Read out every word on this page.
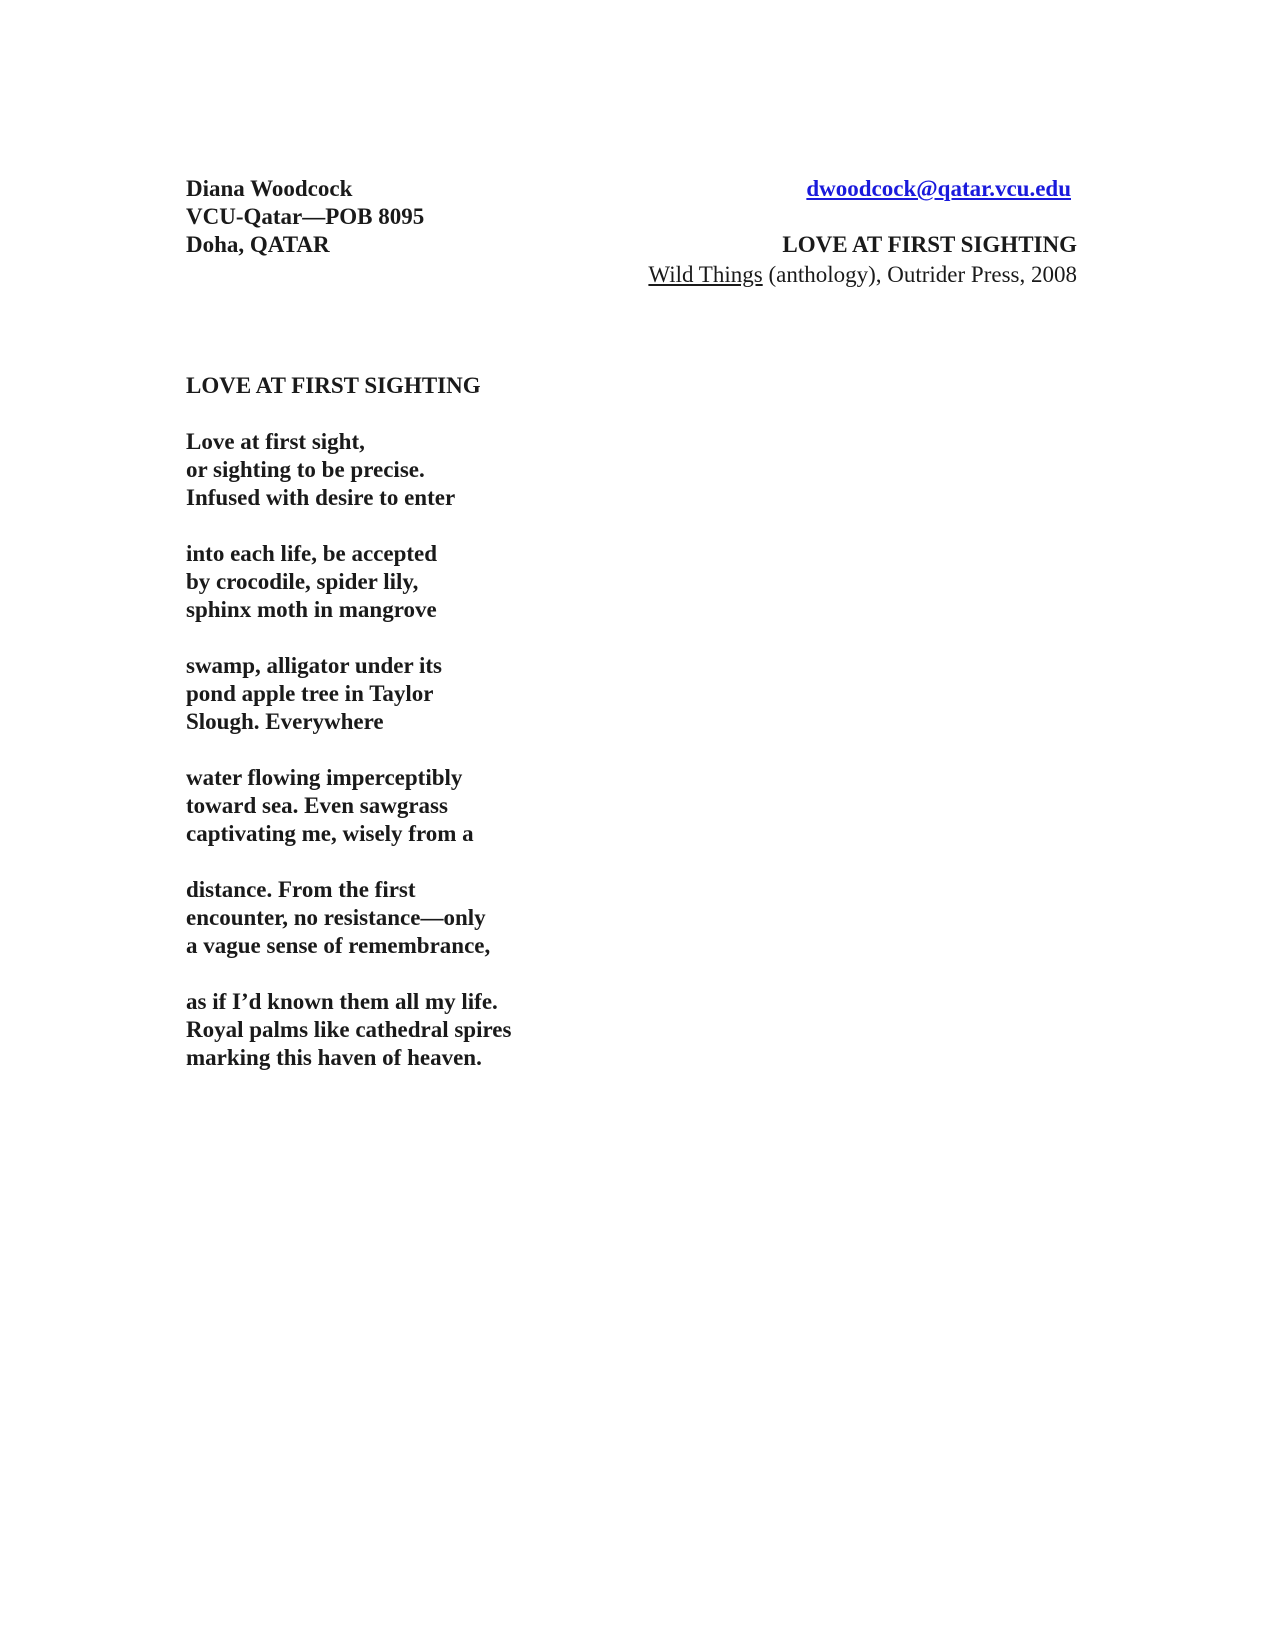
Diana Woodcock
VCU-Qatar—POB 8095
Doha, QATAR
dwoodcock@qatar.vcu.edu
LOVE AT FIRST SIGHTING
Wild Things (anthology), Outrider Press, 2008
LOVE AT FIRST SIGHTING
Love at first sight,
or sighting to be precise.
Infused with desire to enter
into each life, be accepted
by crocodile, spider lily,
sphinx moth in mangrove
swamp, alligator under its
pond apple tree in Taylor
Slough. Everywhere
water flowing imperceptibly
toward sea. Even sawgrass
captivating me, wisely from a
distance. From the first
encounter, no resistance—only
a vague sense of remembrance,
as if I’d known them all my life.
Royal palms like cathedral spires
marking this haven of heaven.
